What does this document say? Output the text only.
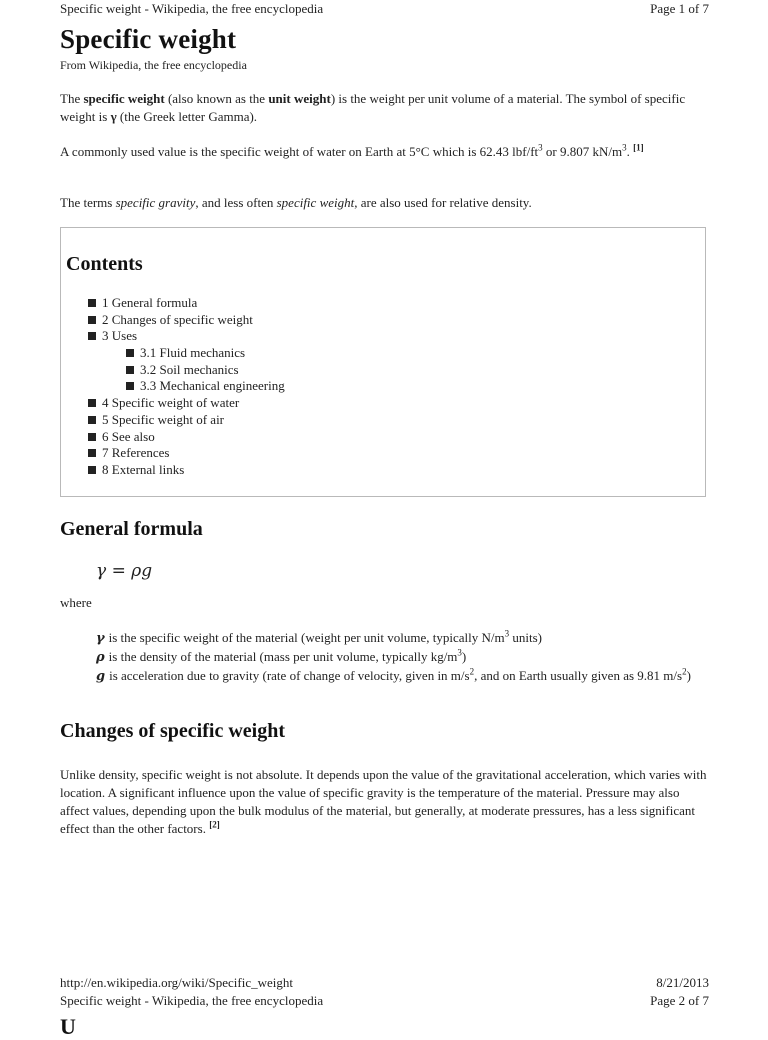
Specific weight - Wikipedia, the free encyclopedia	Page 1 of 7
Specific weight
From Wikipedia, the free encyclopedia

The specific weight (also known as the unit weight) is the weight per unit volume of a material. The symbol of specific weight is γ (the Greek letter Gamma).

A commonly used value is the specific weight of water on Earth at 5°C which is 62.43 lbf/$ft^3$ or 9.807 $kN/m^3$. [1]

The terms specific gravity, and less often specific weight, are also used for relative density.

Contents
1 General formula
2 Changes of specific weight
3 Uses
3.1 Fluid mechanics
3.2 Soil mechanics
3.3 Mechanical engineering
4 Specific weight of water
5 Specific weight of air
6 See also
7 References
8 External links
General formula
γ = ρg
where
γ is the specific weight of the material (weight per unit volume, typically $N/m^3$ units)
ρ is the density of the material (mass per unit volume, typically $kg/m^3$)
g is acceleration due to gravity (rate of change of velocity, given in $m/s^2$, and on Earth usually given as 9.81 $m/s^2$)
Changes of specific weight

Unlike density, specific weight is not absolute. It depends upon the value of the gravitational acceleration, which varies with location. A significant influence upon the value of specific gravity is the temperature of the material. Pressure may also affect values, depending upon the bulk modulus of the material, but generally, at moderate pressures, has a less significant effect than the other factors. [2]

http://en.wikipedia.org/wiki/Specific_weight	8/21/2013
Specific weight - Wikipedia, the free encyclopedia	Page 2 of 7
U
